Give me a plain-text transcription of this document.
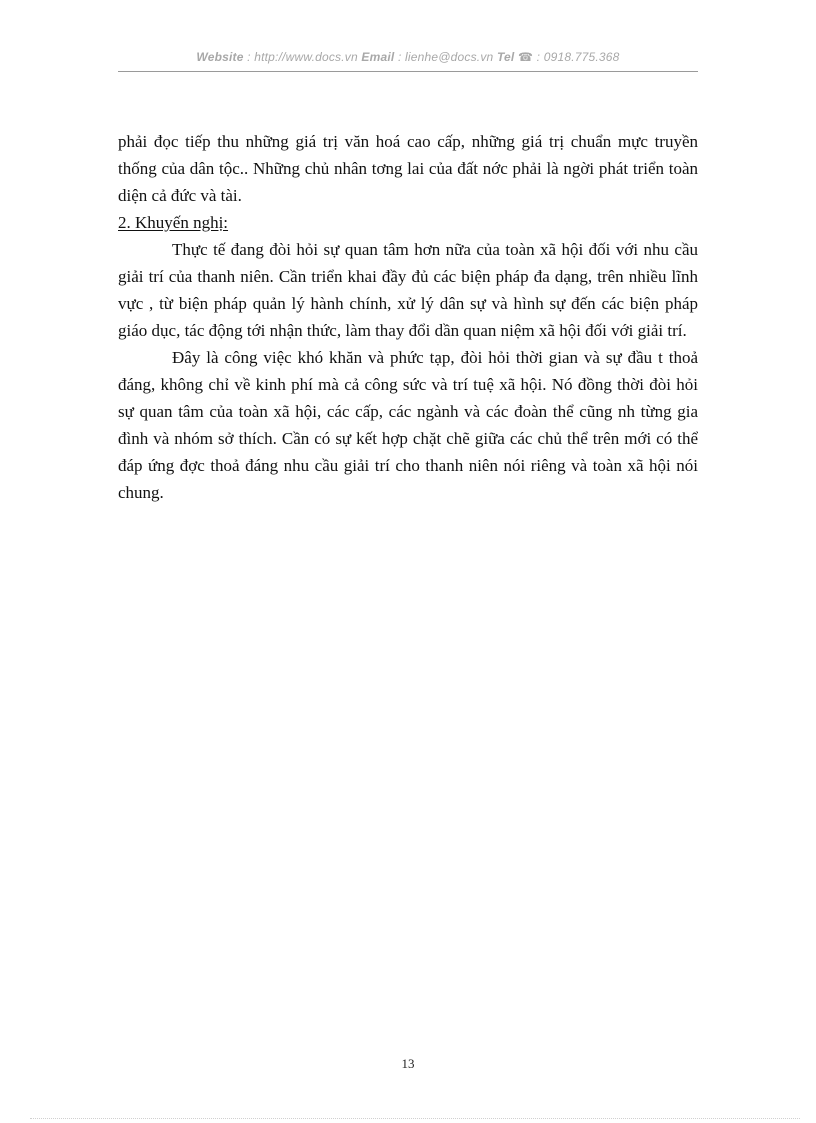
Website : http://www.docs.vn Email : lienhe@docs.vn Tel ☎ : 0918.775.368

phải đọc tiếp thu những giá trị văn hoá cao cấp, những giá trị chuẩn mực truyền thống của dân tộc.. Những chủ nhân tơng lai của đất nớc phải là ngời phát triển toàn diện cả đức và tài.

2. Khuyến nghị:

Thực tế đang đòi hỏi sự quan tâm hơn nữa của toàn xã hội đối với nhu cầu giải trí của thanh niên. Cần triển khai đầy đủ các biện pháp đa dạng, trên nhiều lĩnh vực , từ biện pháp quản lý hành chính, xử lý dân sự và hình sự đến các biện pháp giáo dục, tác động tới nhận thức, làm thay đổi dần quan niệm xã hội đối với giải trí.

Đây là công việc khó khăn và phức tạp, đòi hỏi thời gian và sự đầu t thoả đáng, không chỉ về kinh phí mà cả công sức và trí tuệ xã hội. Nó đồng thời đòi hỏi sự quan tâm của toàn xã hội, các cấp, các ngành và các đoàn thể cũng nh từng gia đình và nhóm sở thích. Cần có sự kết hợp chặt chẽ giữa các chủ thể trên mới có thể đáp ứng đợc thoả đáng nhu cầu giải trí cho thanh niên nói riêng và toàn xã hội nói chung.

13
